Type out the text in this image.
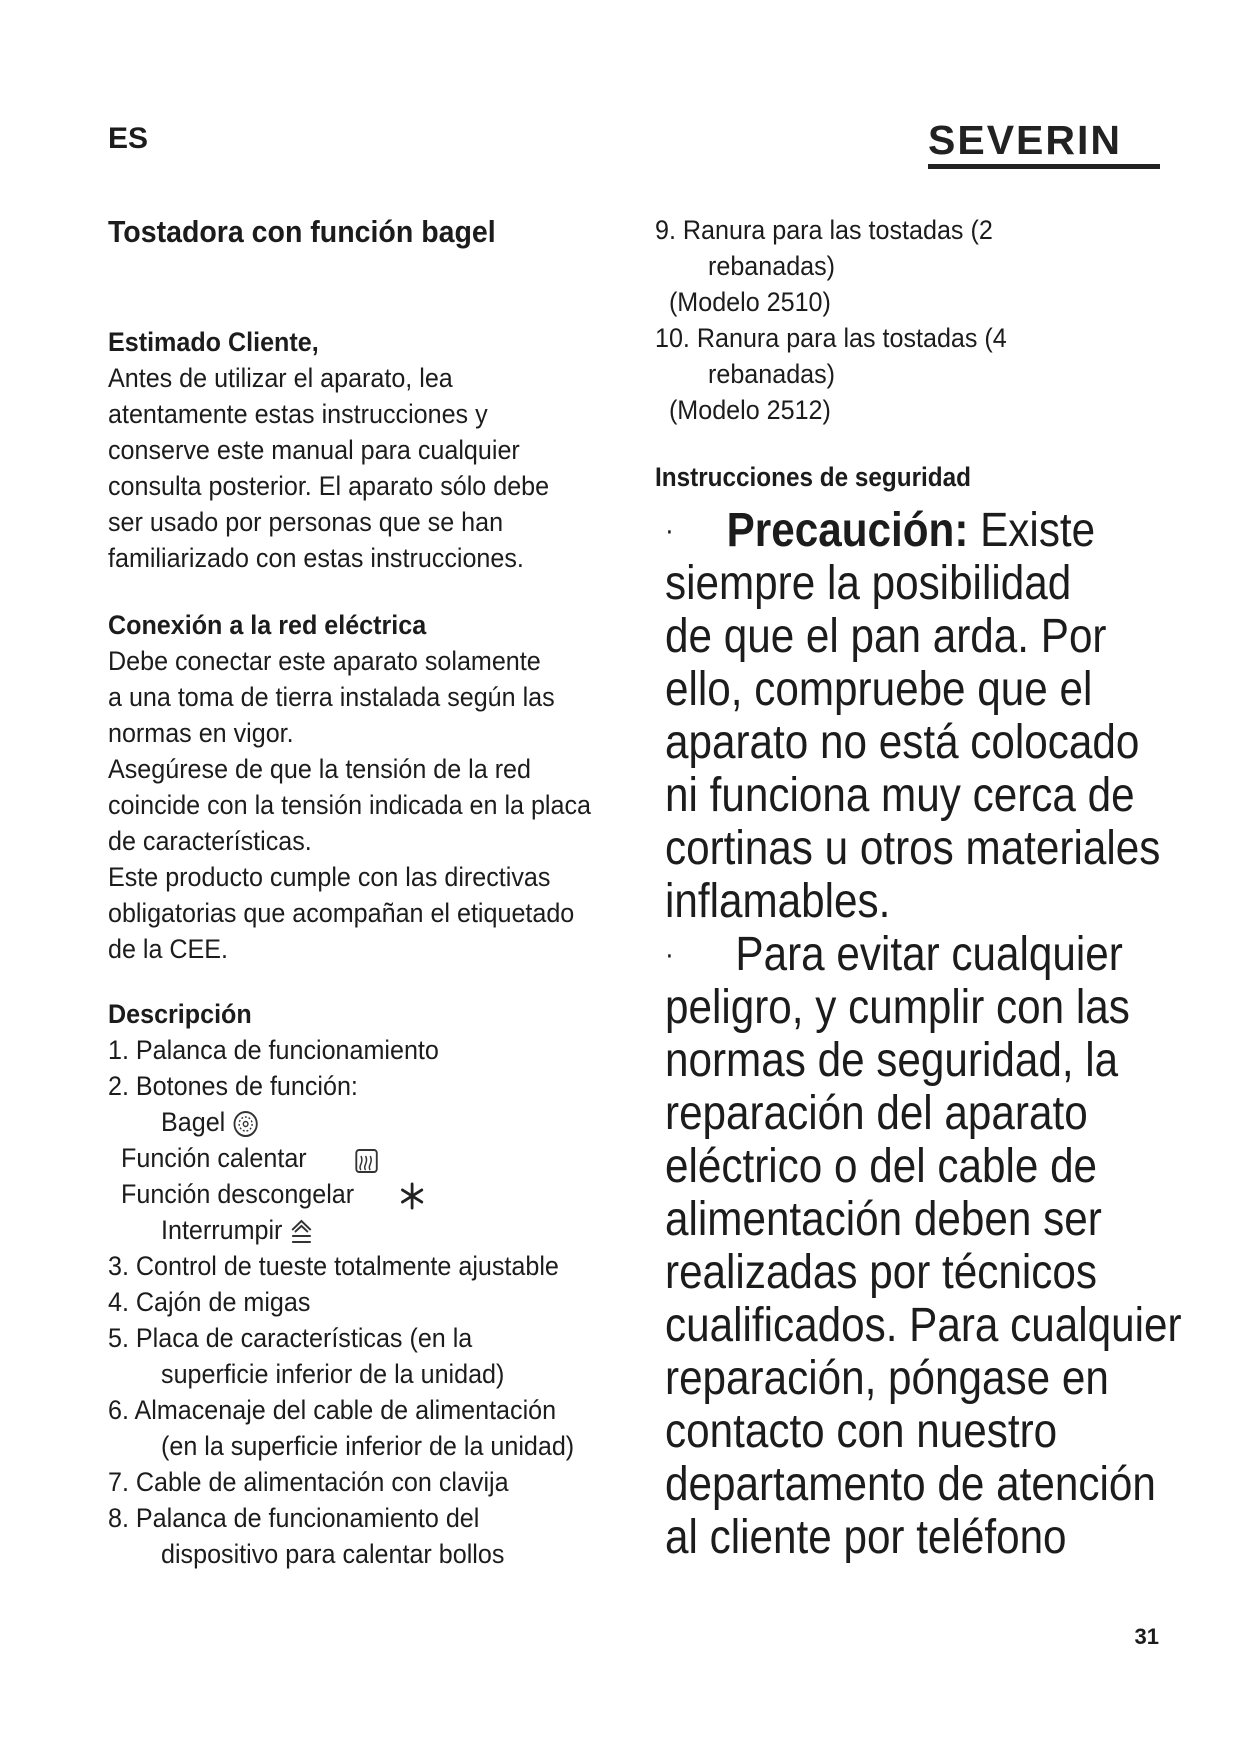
ES	SEVERIN
Tostadora con función bagel
Estimado Cliente,
Antes de utilizar el aparato, lea
atentamente estas instrucciones y
conserve este manual para cualquier
consulta posterior. El aparato sólo debe
ser usado por personas que se han
familiarizado con estas instrucciones.
Conexión a la red eléctrica
Debe conectar este aparato solamente
a una toma de tierra instalada según las
normas en vigor.
Asegúrese de que la tensión de la red
coincide con la tensión indicada en la placa
de características.
Este producto cumple con las directivas
obligatorias que acompañan el etiquetado
de la CEE.
Descripción
1. Palanca de funcionamiento
2. Botones de función:
Bagel
Función calentar
Función descongelar
Interrumpir
3. Control de tueste totalmente ajustable
4. Cajón de migas
5. Placa de características (en la
superficie inferior de la unidad)
6. Almacenaje del cable de alimentación
(en la superficie inferior de la unidad)
7. Cable de alimentación con clavija
8. Palanca de funcionamiento del
dispositivo para calentar bollos
9. Ranura para las tostadas (2
rebanadas)
(Modelo 2510)
10. Ranura para las tostadas (4
rebanadas)
(Modelo 2512)
Instrucciones de seguridad
· Precaución: Existe
siempre la posibilidad
de que el pan arda. Por
ello, compruebe que el
aparato no está colocado
ni funciona muy cerca de
cortinas u otros materiales
inflamables.
· Para evitar cualquier
peligro, y cumplir con las
normas de seguridad, la
reparación del aparato
eléctrico o del cable de
alimentación deben ser
realizadas por técnicos
cualificados. Para cualquier
reparación, póngase en
contacto con nuestro
departamento de atención
al cliente por teléfono
31
